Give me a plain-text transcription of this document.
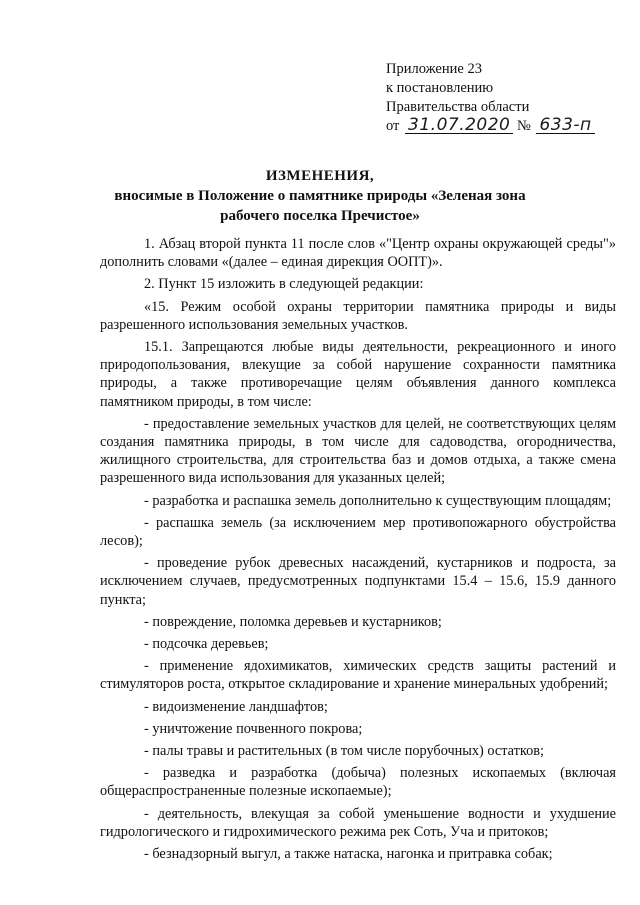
Приложение 23
к постановлению
Правительства области
от 31.07.2020 № 633-п
ИЗМЕНЕНИЯ,
вносимые в Положение о памятнике природы «Зеленая зона рабочего поселка Пречистое»

1. Абзац второй пункта 11 после слов «"Центр охраны окружающей среды"» дополнить словами «(далее – единая дирекция ООПТ)».

2. Пункт 15 изложить в следующей редакции:

«15. Режим особой охраны территории памятника природы и виды разрешенного использования земельных участков.

15.1. Запрещаются любые виды деятельности, рекреационного и иного природопользования, влекущие за собой нарушение сохранности памятника природы, а также противоречащие целям объявления данного комплекса памятником природы, в том числе:

- предоставление земельных участков для целей, не соответствующих целям создания памятника природы, в том числе для садоводства, огородничества, жилищного строительства, для строительства баз и домов отдыха, а также смена разрешенного вида использования для указанных целей;

- разработка и распашка земель дополнительно к существующим площадям;

- распашка земель (за исключением мер противопожарного обустройства лесов);

- проведение рубок древесных насаждений, кустарников и подроста, за исключением случаев, предусмотренных подпунктами 15.4 – 15.6, 15.9 данного пункта;

- повреждение, поломка деревьев и кустарников;

- подсочка деревьев;

- применение ядохимикатов, химических средств защиты растений и стимуляторов роста, открытое складирование и хранение минеральных удобрений;

- видоизменение ландшафтов;

- уничтожение почвенного покрова;

- палы травы и растительных (в том числе порубочных) остатков;

- разведка и разработка (добыча) полезных ископаемых (включая общераспространенные полезные ископаемые);

- деятельность, влекущая за собой уменьшение водности и ухудшение гидрологического и гидрохимического режима рек Соть, Уча и притоков;

- безнадзорный выгул, а также натаска, нагонка и притравка собак;
